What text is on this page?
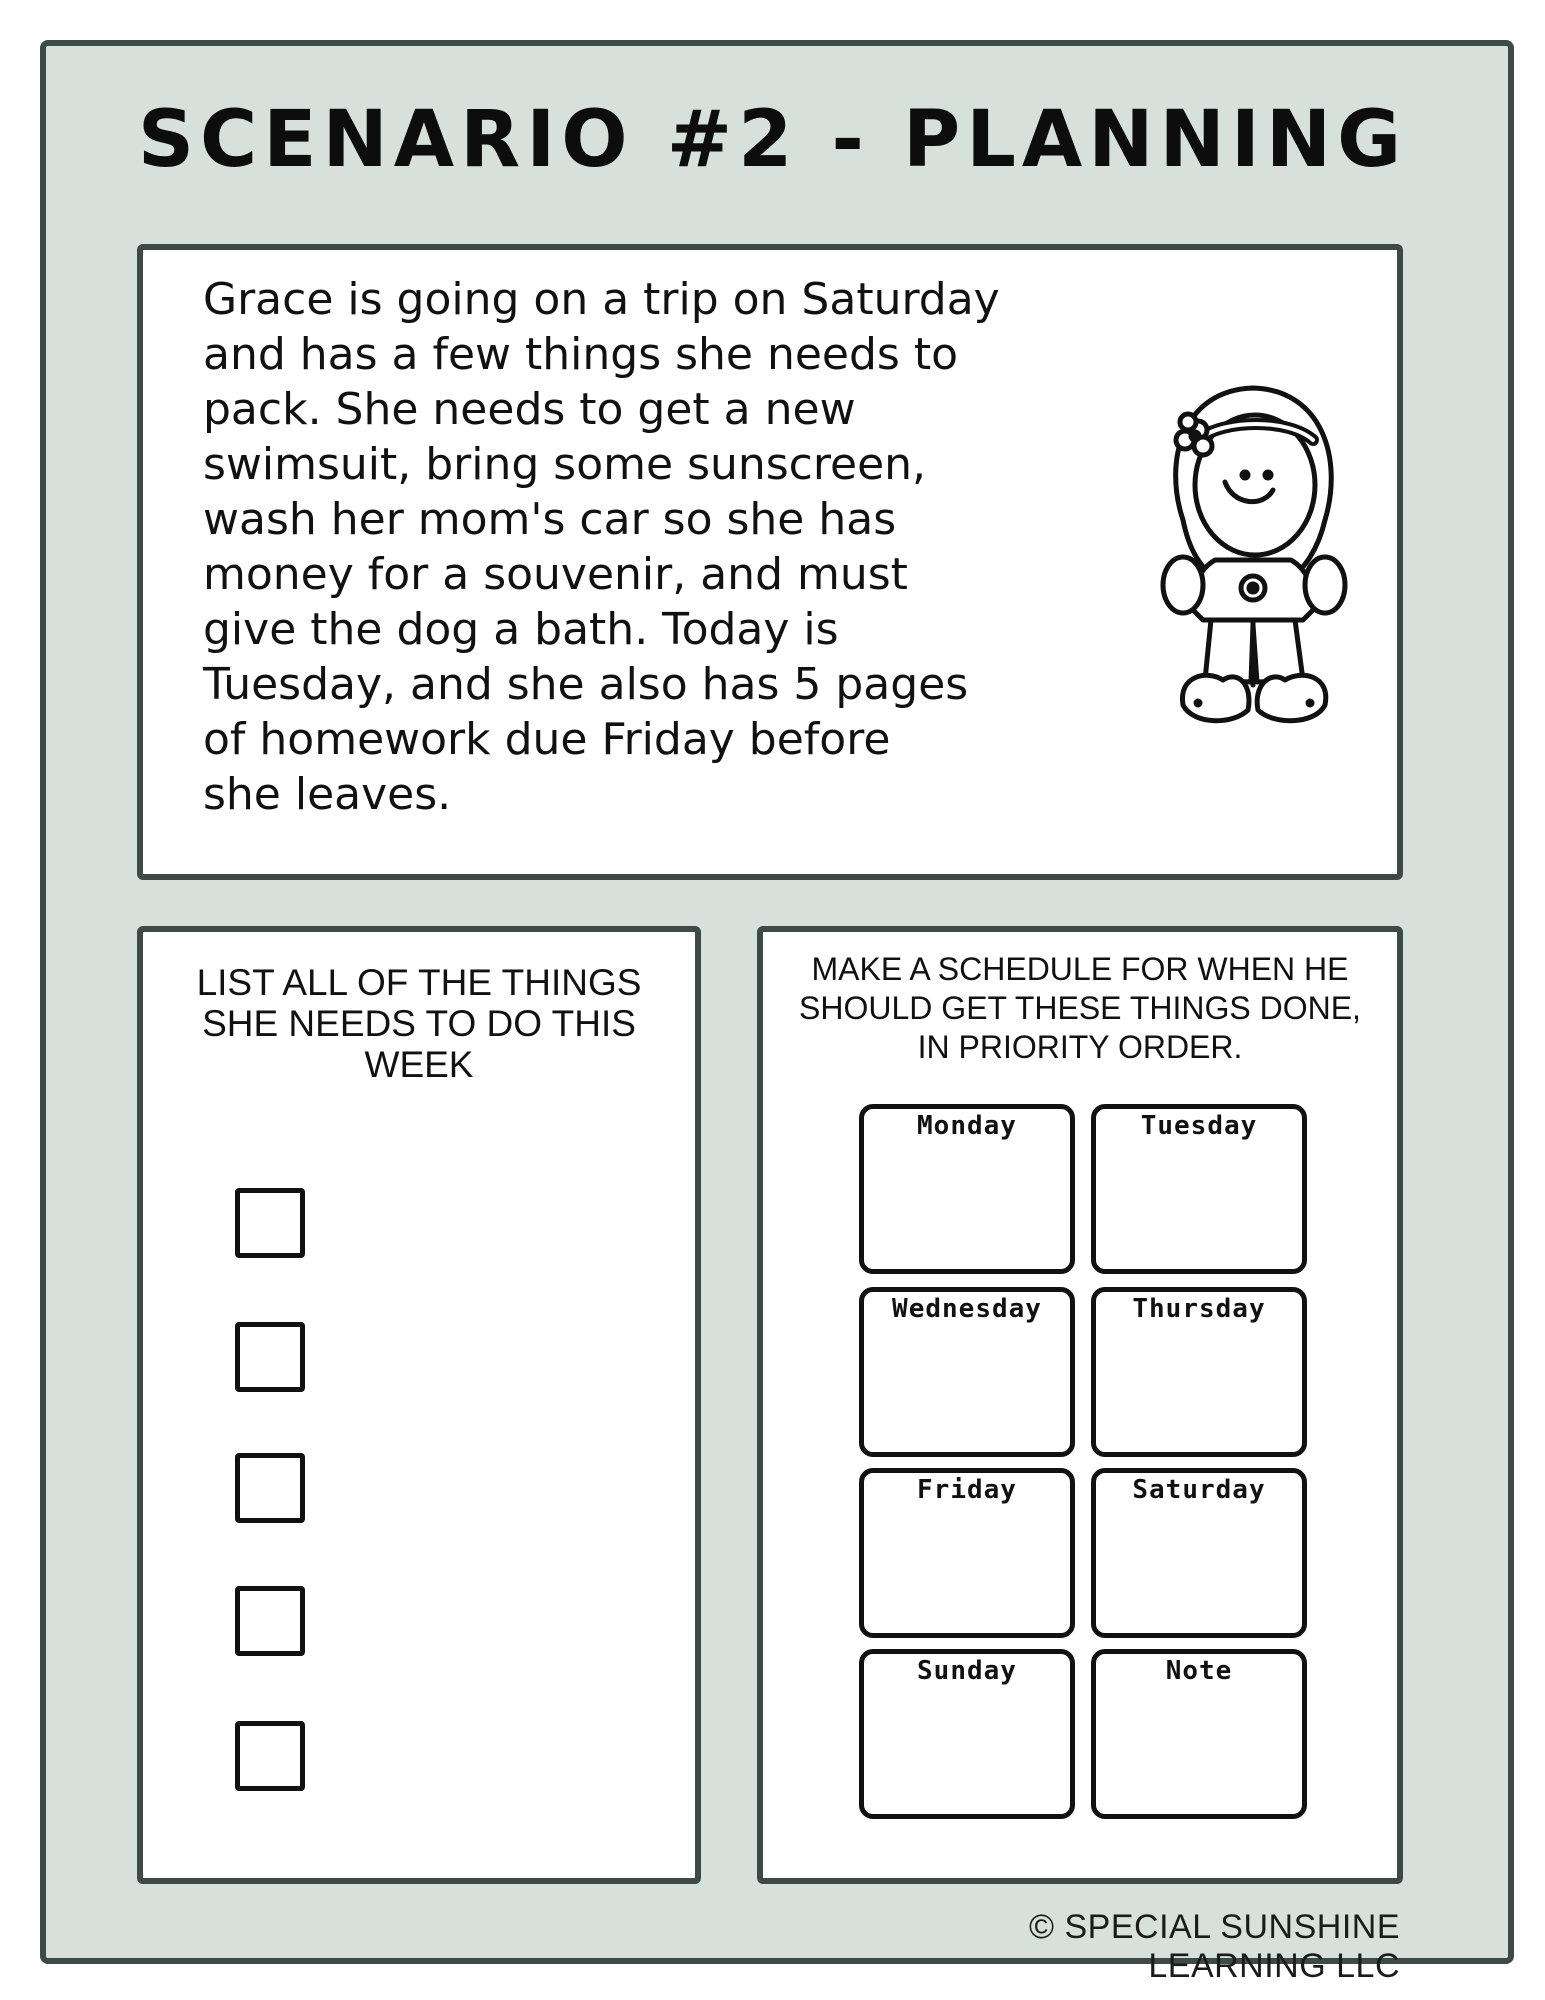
SCENARIO #2 - PLANNING
Grace is going on a trip on Saturday
and has a few things she needs to
pack. She needs to get a new
swimsuit, bring some sunscreen,
wash her mom's car so she has
money for a souvenir, and must
give the dog a bath. Today is
Tuesday, and she also has 5 pages
of homework due Friday before
she leaves.
LIST ALL OF THE THINGS
SHE NEEDS TO DO THIS
WEEK
MAKE A SCHEDULE FOR WHEN HE
SHOULD GET THESE THINGS DONE,
IN PRIORITY ORDER.
Monday	Tuesday
Wednesday	Thursday
Friday	Saturday
Sunday	Note
© SPECIAL SUNSHINE LEARNING LLC
